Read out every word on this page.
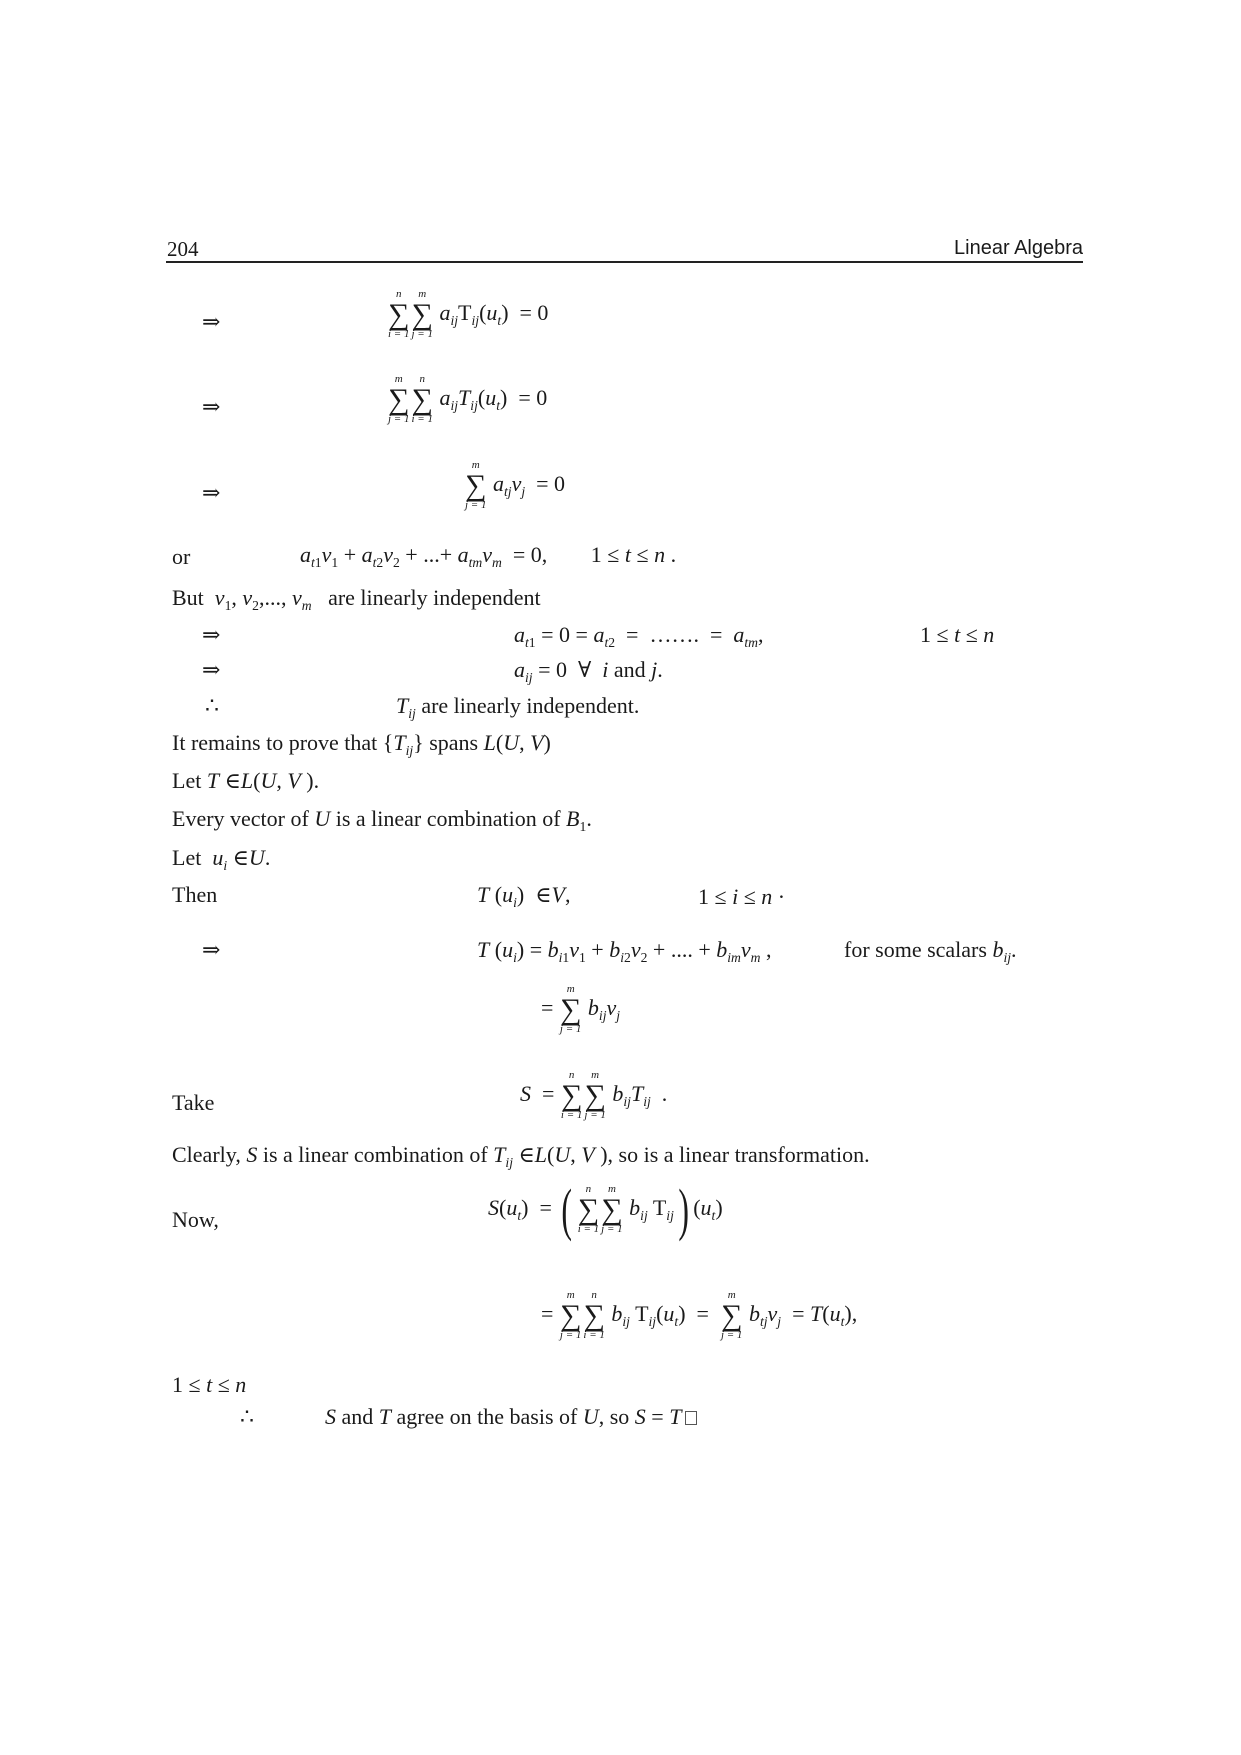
204	Linear Algebra
⇒
n
∑
i = 1
m
∑
j = 1
$a_{ij}T_{ij}(u_t) = 0$
⇒
m
∑
j = 1
n
∑
i = 1
$a_{ij}T_{ij}(u_t) = 0$
⇒
m
∑
j = 1
$a_{tj}v_j = 0$
or	$a_{t1}v_1 + a_{t2}v_2$ + ...+ $a_{tm}v_m = 0$, 1 ≤ t ≤ n .
But $v_1$, $v_2$,..., $v_m$ are linearly independent
⇒	$a_{t1} = 0 = a_{t2}$  =  …….  =  $a_{tm}$,	1 ≤ t ≤ n
⇒	$a_{ij} = 0$  ∀ i and j.
∴	$T_{ij}$ are linearly independent.
It remains to prove that $\{T_{ij}\}$ spans L(U, V)
Let T ∈L(U, V ).
Every vector of U is a linear combination of $B_1$.
Let $u_i$ ∈U.
Then	T $(u_i)$  ∈V,	1 ≤ i ≤ n ·
⇒	T $(u_i) = b_{i1}v_1 + b_{i2}v_2$ + .... + $b_{im}v_m$ ,	for some scalars $b_{ij}$.
=
m
∑
j = 1
$b_{ij}v_j$
Take	S  =
n
∑
i = 1
m
∑
j = 1
$b_{ij}T_{ij}$  .
Clearly, S is a linear combination of $T_{ij}$ ∈L(U, V ), so is a linear transformation.
Now,	$S(u_t)$  = (	n
∑
i = 1
m
∑
j = 1
$b_{ij}$ $T_{ij}$) $(u_t)$
=
m
∑
j = 1
n
∑
i = 1
$b_{ij}$ $T_{ij}(u_t)$  =
m
∑
j = 1
$b_{tj}v_j = T(u_t)$,
1 ≤ t ≤ n
∴	S and T agree on the basis of U, so S = T
